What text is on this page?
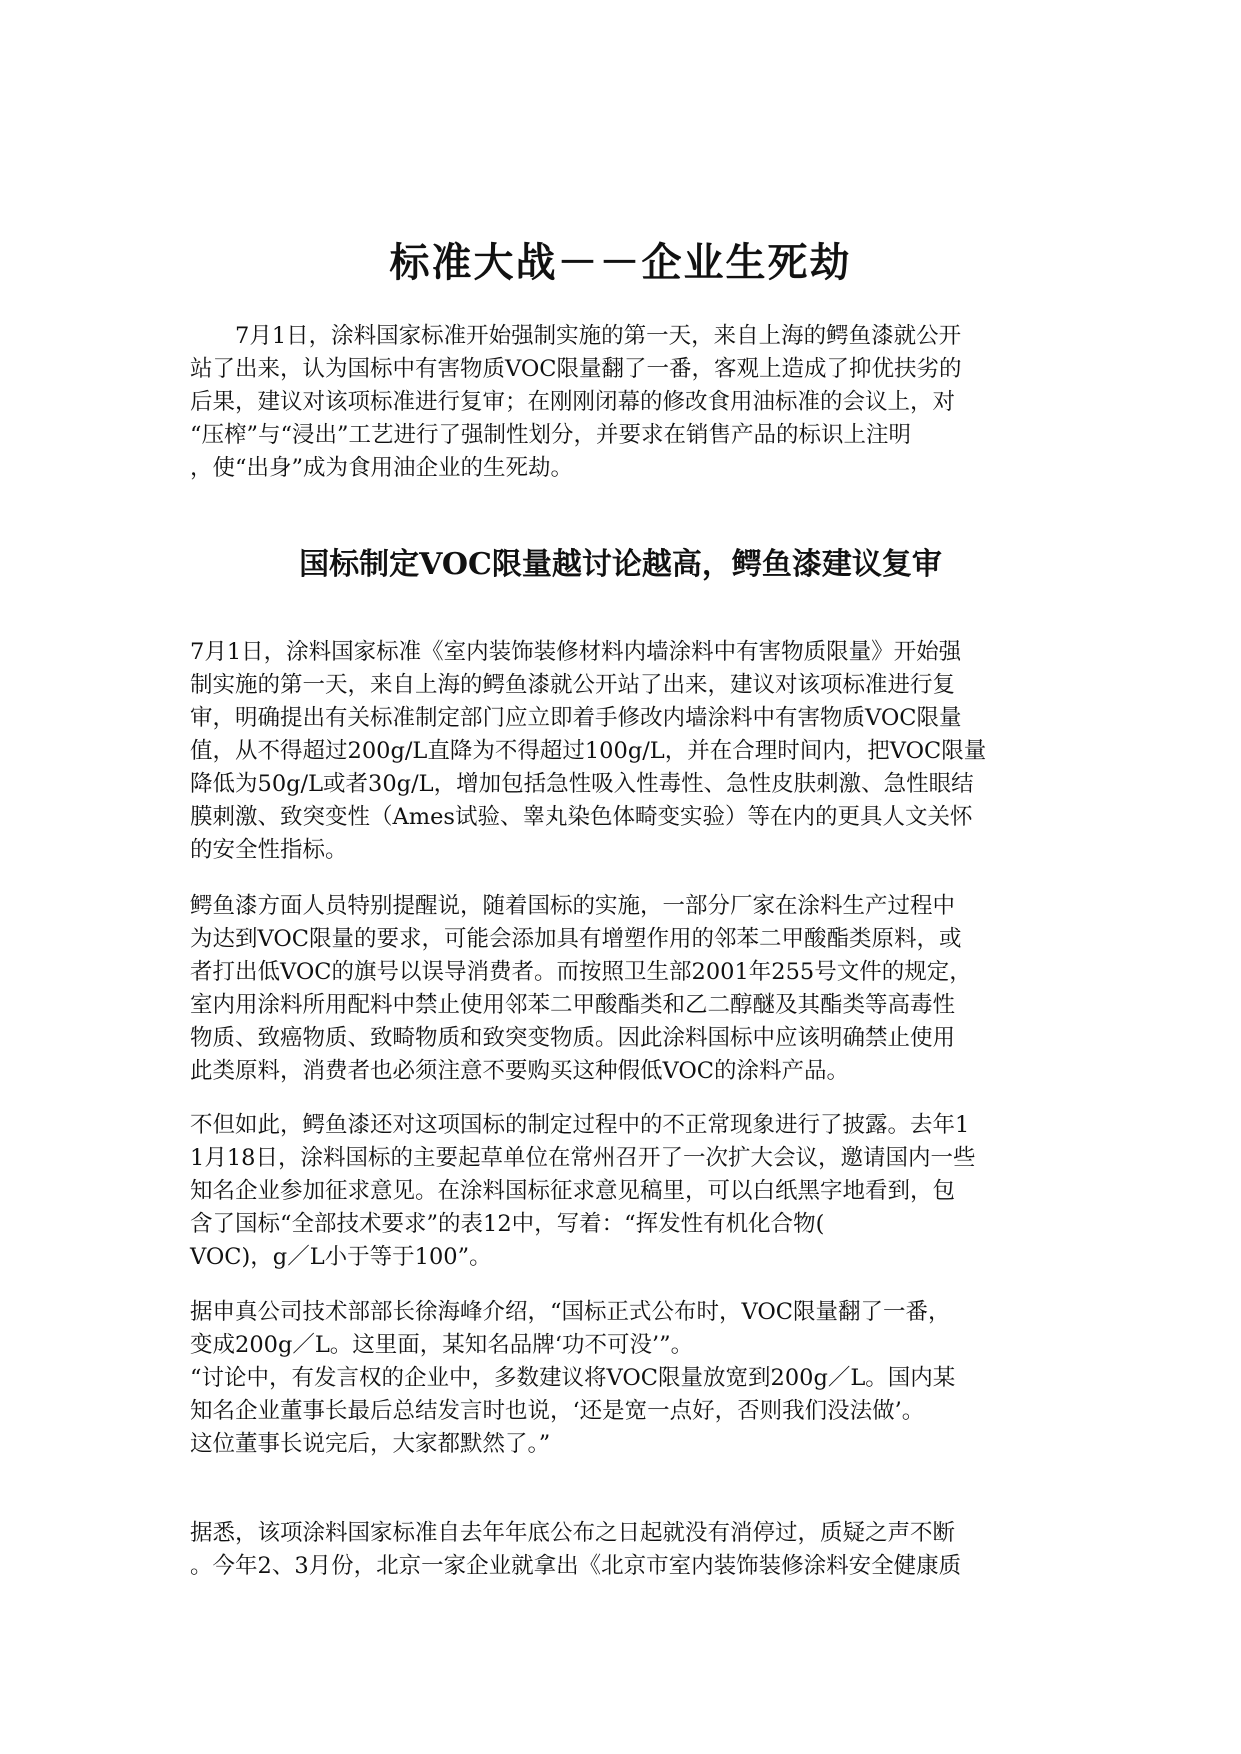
标准大战－－企业生死劫
　　7月1日，涂料国家标准开始强制实施的第一天，来自上海的鳄鱼漆就公开
站了出来，认为国标中有害物质VOC限量翻了一番，客观上造成了抑优扶劣的
后果，建议对该项标准进行复审；在刚刚闭幕的修改食用油标准的会议上，对
“压榨”与“浸出”工艺进行了强制性划分，并要求在销售产品的标识上注明
，使“出身”成为食用油企业的生死劫。
国标制定VOC限量越讨论越高，鳄鱼漆建议复审
7月1日，涂料国家标准《室内装饰装修材料内墙涂料中有害物质限量》开始强
制实施的第一天，来自上海的鳄鱼漆就公开站了出来，建议对该项标准进行复
审，明确提出有关标准制定部门应立即着手修改内墙涂料中有害物质VOC限量
值，从不得超过200g/L直降为不得超过100g/L，并在合理时间内，把VOC限量
降低为50g/L或者30g/L，增加包括急性吸入性毒性、急性皮肤刺激、急性眼结
膜刺激、致突变性（Ames试验、睾丸染色体畸变实验）等在内的更具人文关怀
的安全性指标。
鳄鱼漆方面人员特别提醒说，随着国标的实施，一部分厂家在涂料生产过程中
为达到VOC限量的要求，可能会添加具有增塑作用的邻苯二甲酸酯类原料，或
者打出低VOC的旗号以误导消费者。而按照卫生部2001年255号文件的规定，
室内用涂料所用配料中禁止使用邻苯二甲酸酯类和乙二醇醚及其酯类等高毒性
物质、致癌物质、致畸物质和致突变物质。因此涂料国标中应该明确禁止使用
此类原料，消费者也必须注意不要购买这种假低VOC的涂料产品。
不但如此，鳄鱼漆还对这项国标的制定过程中的不正常现象进行了披露。去年1
1月18日，涂料国标的主要起草单位在常州召开了一次扩大会议，邀请国内一些
知名企业参加征求意见。在涂料国标征求意见稿里，可以白纸黑字地看到，包
含了国标“全部技术要求”的表12中，写着：“挥发性有机化合物(
VOC)，g／L小于等于100”。
据申真公司技术部部长徐海峰介绍，“国标正式公布时，VOC限量翻了一番，
变成200g／L。这里面，某知名品牌‘功不可没’”。
“讨论中，有发言权的企业中，多数建议将VOC限量放宽到200g／L。国内某
知名企业董事长最后总结发言时也说，‘还是宽一点好，否则我们没法做’。
这位董事长说完后，大家都默然了。”
据悉，该项涂料国家标准自去年年底公布之日起就没有消停过，质疑之声不断
。今年2、3月份，北京一家企业就拿出《北京市室内装饰装修涂料安全健康质
